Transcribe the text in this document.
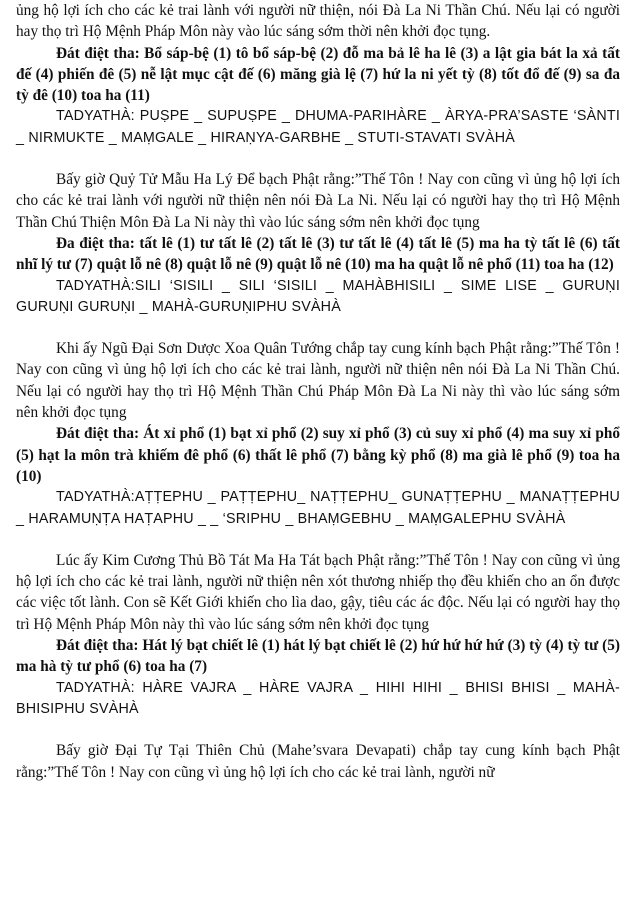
ủng hộ lợi ích cho các kẻ trai lành với người nữ thiện, nói Đà La Ni Thần Chú. Nếu lại có người hay thọ trì Hộ Mệnh Pháp Môn này vào lúc sáng sớm thời nên khởi đọc tụng.

Đát điệt tha: Bổ sáp-bệ (1) tô bổ sáp-bệ (2) đỗ ma bả lê ha lê (3) a lật gia bát la xả tất đế (4) phiến đê (5) nễ lật mục cật đế (6) măng già lệ (7) hứ la ni yết tỳ (8) tốt đổ đế (9) sa đa tỳ đê (10) toa ha (11)

TADYATHÀ: PUṢPE _ SUPUṢPE _ DHUMA-PARIHÀRE _ ÀRYA-PRA’SASTE ‘SÀNTI _ NIRMUKTE _ MAṂGALE _ HIRAṆYA-GARBHE _ STUTI-STAVATI SVÀHÀ

Bấy giờ Quỷ Tử Mẫu Ha Lý Để bạch Phật rằng:”Thế Tôn ! Nay con cũng vì ủng hộ lợi ích cho các kẻ trai lành với người nữ thiện nên nói Đà La Ni. Nếu lại có người hay thọ trì Hộ Mệnh Thần Chú Thiện Môn Đà La Ni này thì vào lúc sáng sớm nên khởi đọc tụng

Đa điệt tha: tất lê (1) tư tất lê (2) tất lê (3) tư tất lê (4) tất lê (5) ma ha tỳ tất lê (6) tất nhĩ lý tư (7) quật lỗ nê (8) quật lỗ nê (9) quật lỗ nê (10) ma ha quật lỗ nê phổ (11) toa ha (12)

TADYATHÀ:SILI ‘SISILI _ SILI ‘SISILI _ MAHÀBHISILI _ SIME LISE _ GURUṆI GURUṆI GURUṆI _ MAHÀ-GURUṆIPHU SVÀHÀ

Khi ấy Ngũ Đại Sơn Dược Xoa Quân Tướng chắp tay cung kính bạch Phật rằng:”Thế Tôn ! Nay con cũng vì ủng hộ lợi ích cho các kẻ trai lành, người nữ thiện nên nói Đà La Ni Thần Chú. Nếu lại có người hay thọ trì Hộ Mệnh Thần Chú Pháp Môn Đà La Ni này thì vào lúc sáng sớm nên khởi đọc tụng

Đát điệt tha: Át xỉ phổ (1) bạt xỉ phổ (2) suy xỉ phổ (3) củ suy xỉ phổ (4) ma suy xỉ phổ (5) hạt la môn trà khiếm đê phổ (6) thất lê phổ (7) bằng kỳ phổ (8) ma già lê phổ (9) toa ha (10)

TADYATHÀ:AṬṬEPHU _ PAṬṬEPHU_ NAṬṬEPHU_ GUNAṬṬEPHU _ MANAṬṬEPHU _ HARAMUṆṬA HAṬAPHU _ _ ‘SRIPHU _ BHAṂGEBHU _ MAṂGALEPHU SVÀHÀ

Lúc ấy Kim Cương Thủ Bồ Tát Ma Ha Tát bạch Phật rằng:”Thế Tôn ! Nay con cũng vì ủng hộ lợi ích cho các kẻ trai lành, người nữ thiện nên xót thương nhiếp thọ đều khiến cho an ổn được các việc tốt lành. Con sẽ Kết Giới khiến cho lìa dao, gậy, tiêu các ác độc. Nếu lại có người hay thọ trì Hộ Mệnh Pháp Môn này thì vào lúc sáng sớm nên khởi đọc tụng

Đát điệt tha: Hát lý bạt chiết lê (1) hát lý bạt chiết lê (2) hứ hứ hứ hứ (3) tỳ (4) tỳ tư (5) ma hà tỳ tư phổ (6) toa ha (7)

TADYATHÀ: HÀRE VAJRA _ HÀRE VAJRA _ HIHI HIHI _ BHISI BHISI _ MAHÀ-BHISIPHU SVÀHÀ

Bấy giờ Đại Tự Tại Thiên Chủ (Mahe’svara Devapati) chắp tay cung kính bạch Phật rằng:”Thế Tôn ! Nay con cũng vì ủng hộ lợi ích cho các kẻ trai lành, người nữ
